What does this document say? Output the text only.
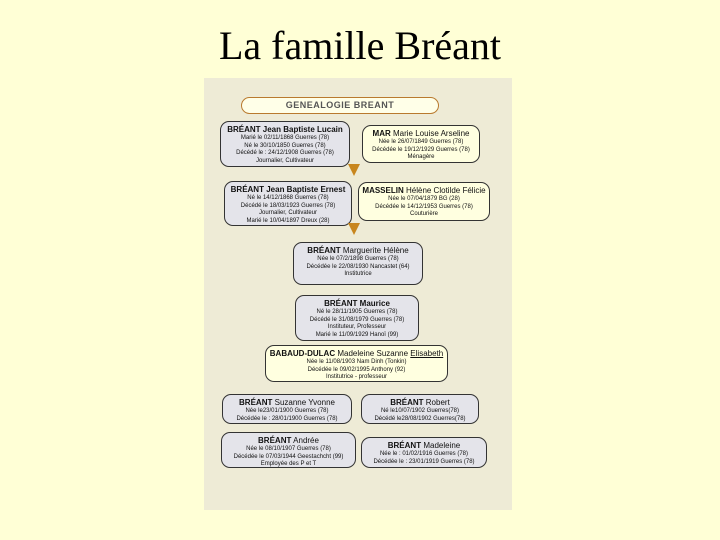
La famille Bréant
GENEALOGIE BREANT
BRÉANT Jean Baptiste Lucain
Marié le 02/11/1868 Guerres (78)
Né le 30/10/1850 Guerres (78)
Décédé le : 24/12/1908 Guerres (78)
Journalier, Cultivateur
MAR Marie Louise Arseline
Née le 26/07/1849 Guerres (78)
Décédée le 19/12/1929 Guerres (78)
Ménagère
BRÉANT Jean Baptiste Ernest
Né le 14/12/1868 Guerres (78)
Décédé le 18/03/1923 Guerres (78)
Journalier, Cultivateur
Marié le 10/04/1897 Dreux (28)
MASSELIN Hélène Clotilde Félicie
Née le 07/04/1879 BG (28)
Décédée le 14/12/1953 Guerres (78)
Couturière
BRÉANT Marguerite Hélène
Née le 07/2/1898 Guerres (78)
Décédée le 22/08/1930 Nancastet (64)
Institutrice
BRÉANT Maurice
Né le 28/11/1905 Guerres (78)
Décédé le 31/08/1979 Guerres (78)
Instituteur, Professeur
Marié le 11/09/1929 Hanoï (99)
BABAUD-DULAC Madeleine Suzanne Elisabeth
Née le 11/08/1903 Nam Dinh (Tonkin)
Décédée le 09/02/1995 Anthony (92)
Institutrice - professeur
BRÉANT Suzanne Yvonne
Née le23/01/1900 Guerres (78)
Décédée le : 28/01/1900 Guerres (78)
BRÉANT Robert
Né le10/07/1902 Guerres(78)
Décédé le28/08/1902 Guerres(78)
BRÉANT Andrée
Née le 08/10/1907 Guerres (78)
Décédée le 07/03/1944 Geestachcht (99)
Employée des P et T
BRÉANT Madeleine
Née le : 01/02/1916 Guerres (78)
Décédée le : 23/01/1919 Guerres (78)
